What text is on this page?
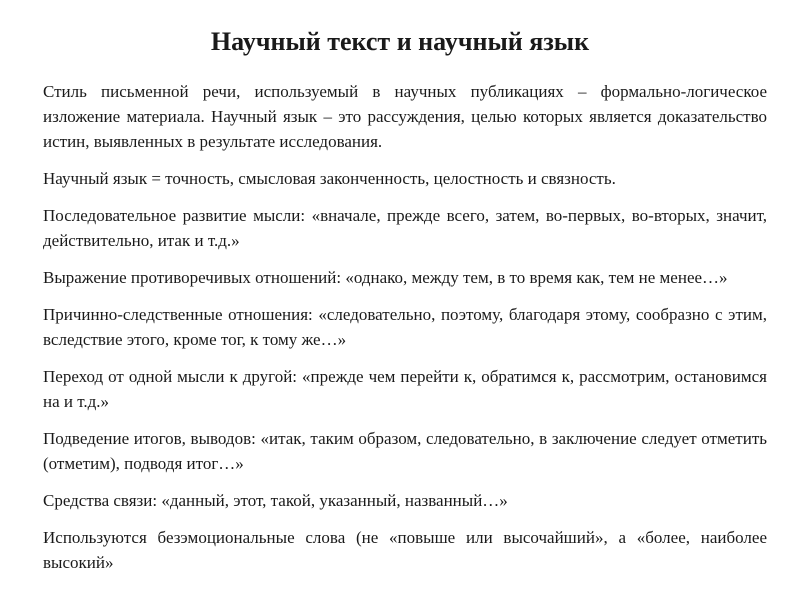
Научный текст и научный язык

Стиль письменной речи, используемый в научных публикациях – формально-логическое изложение материала. Научный язык – это рассуждения, целью которых является доказательство истин, выявленных в результате исследования.

Научный язык = точность, смысловая законченность, целостность и связность.

Последовательное развитие мысли: «вначале, прежде всего, затем, во-первых, во-вторых, значит, действительно, итак и т.д.»

Выражение противоречивых отношений: «однако, между тем, в то время как, тем не менее…»

Причинно-следственные отношения: «следовательно, поэтому, благодаря этому, сообразно с этим, вследствие этого, кроме тог, к тому же…»

Переход от одной мысли к другой: «прежде чем перейти к, обратимся к, рассмотрим, остановимся на и т.д.»

Подведение итогов, выводов: «итак, таким образом, следовательно, в заключение следует отметить (отметим), подводя итог…»

Средства связи: «данный, этот, такой, указанный, названный…»

Используются безэмоциональные слова (не «повыше или высочайший», а «более, наиболее высокий»
